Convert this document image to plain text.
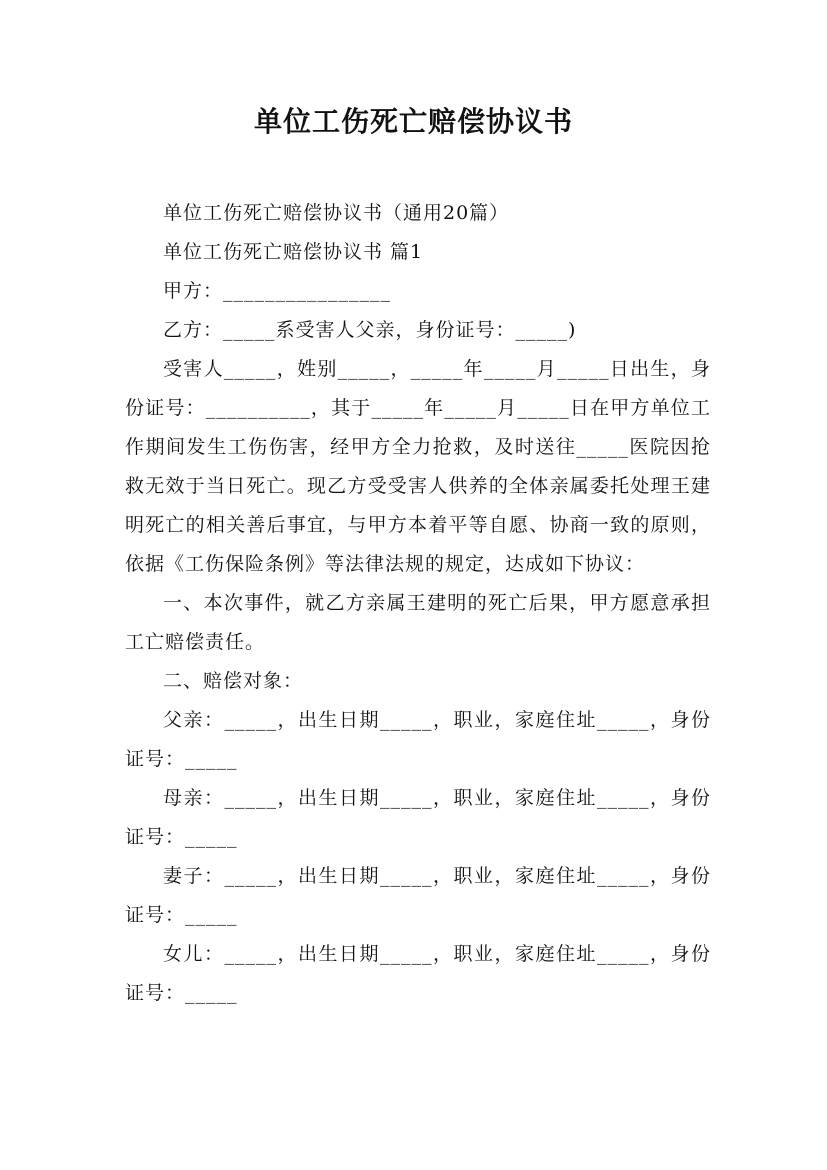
单位工伤死亡赔偿协议书

单位工伤死亡赔偿协议书（通用20篇）

单位工伤死亡赔偿协议书 篇1

甲方：________________

乙方：_____系受害人父亲，身份证号：_____)

受害人_____，姓别_____，_____年_____月_____日出生，身份证号：__________，其于_____年_____月_____日在甲方单位工作期间发生工伤伤害，经甲方全力抢救，及时送往_____医院因抢救无效于当日死亡。现乙方受受害人供养的全体亲属委托处理王建明死亡的相关善后事宜，与甲方本着平等自愿、协商一致的原则，依据《工伤保险条例》等法律法规的规定，达成如下协议：

一、本次事件，就乙方亲属王建明的死亡后果，甲方愿意承担工亡赔偿责任。

二、赔偿对象：

父亲：_____，出生日期_____，职业，家庭住址_____，身份证号：_____

母亲：_____，出生日期_____，职业，家庭住址_____，身份证号：_____

妻子：_____，出生日期_____，职业，家庭住址_____，身份证号：_____

女儿：_____，出生日期_____，职业，家庭住址_____，身份证号：_____
